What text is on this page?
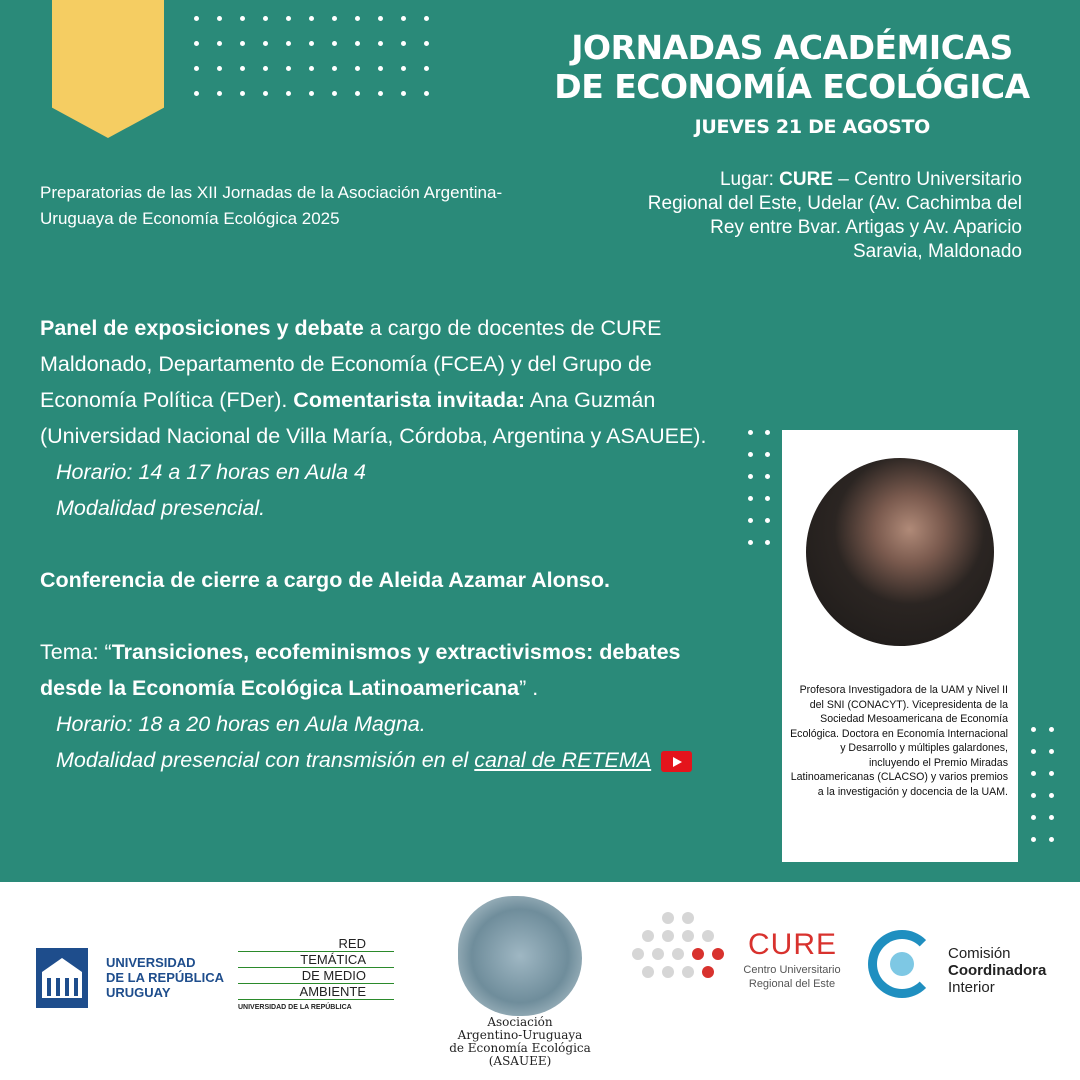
JORNADAS ACADÉMICAS DE ECONOMÍA ECOLÓGICA
JUEVES 21 DE AGOSTO
Preparatorias de las XII Jornadas de la Asociación Argentina-Uruguaya de Economía Ecológica 2025
Lugar: CURE – Centro Universitario Regional del Este, Udelar (Av. Cachimba del Rey entre Bvar. Artigas y Av. Aparicio Saravia, Maldonado

Panel de exposiciones y debate a cargo de docentes de CURE Maldonado, Departamento de Economía (FCEA) y del Grupo de Economía Política (FDer). Comentarista invitada: Ana Guzmán (Universidad Nacional de Villa María, Córdoba, Argentina y ASAUEE).

Horario: 14 a 17 horas en Aula 4

Modalidad presencial.

Conferencia de cierre a cargo de Aleida Azamar Alonso.

Tema: “Transiciones, ecofeminismos y extractivismos: debates desde la Economía Ecológica Latinoamericana” .

Horario: 18 a 20 horas en Aula Magna.

Modalidad presencial con transmisión en el canal de RETEMA

Profesora Investigadora de la UAM y Nivel II del SNI (CONACYT). Vicepresidenta de la Sociedad Mesoamericana de Economía Ecológica. Doctora en Economía Internacional y Desarrollo y múltiples galardones, incluyendo el Premio Miradas Latinoamericanas (CLACSO) y varios premios a la investigación y docencia de la UAM.
UNIVERSIDAD
DE LA REPÚBLICA
URUGUAY
RED
TEMÁTICA
DE MEDIO
AMBIENTE
UNIVERSIDAD DE LA REPÚBLICA
Asociación
Argentino-Uruguaya
de Economía Ecológica
(ASAUEE)
CURE
Centro Universitario
Regional del Este
Comisión
Coordinadora
Interior
